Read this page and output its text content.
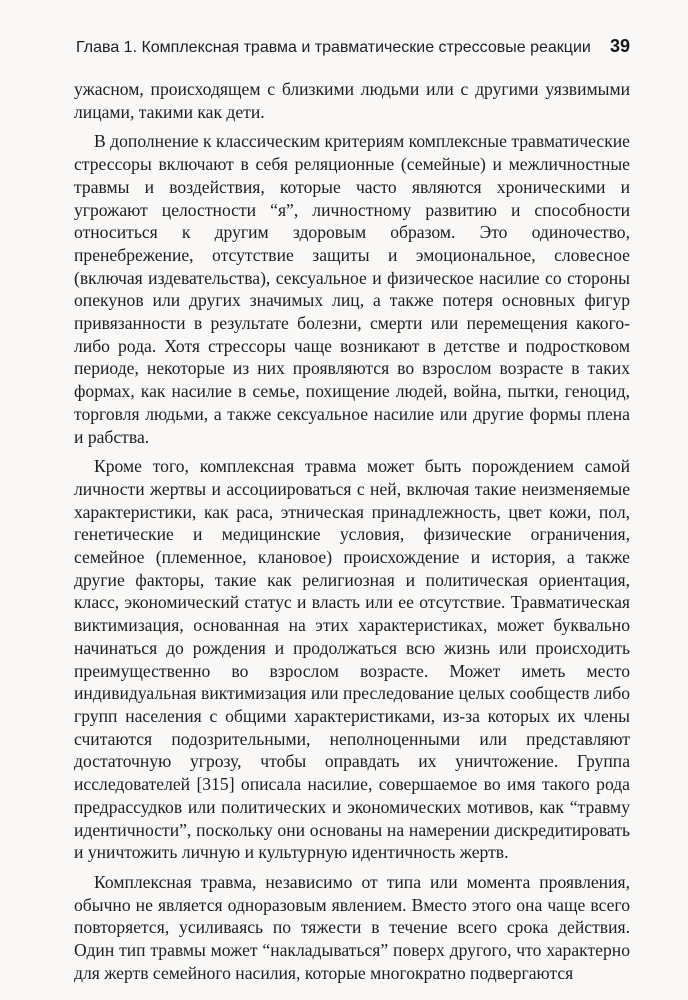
Глава 1. Комплексная травма и травматические стрессовые реакции 39

ужасном, происходящем с близкими людьми или с другими уязвимыми лицами, такими как дети.

В дополнение к классическим критериям комплексные травматические стрессоры включают в себя реляционные (семейные) и межличностные травмы и воздействия, которые часто являются хроническими и угрожают целостности “я”, личностному развитию и способности относиться к другим здоровым образом. Это одиночество, пренебрежение, отсутствие защиты и эмоциональное, словесное (включая издевательства), сексуальное и физическое насилие со стороны опекунов или других значимых лиц, а также потеря основных фигур привязанности в результате болезни, смерти или перемещения какого-либо рода. Хотя стрессоры чаще возникают в детстве и подростковом периоде, некоторые из них проявляются во взрослом возрасте в таких формах, как насилие в семье, похищение людей, война, пытки, геноцид, торговля людьми, а также сексуальное насилие или другие формы плена и рабства.

Кроме того, комплексная травма может быть порождением самой личности жертвы и ассоциироваться с ней, включая такие неизменяемые характеристики, как раса, этническая принадлежность, цвет кожи, пол, генетические и медицинские условия, физические ограничения, семейное (племенное, клановое) происхождение и история, а также другие факторы, такие как религиозная и политическая ориентация, класс, экономический статус и власть или ее отсутствие. Травматическая виктимизация, основанная на этих характеристиках, может буквально начинаться до рождения и продолжаться всю жизнь или происходить преимущественно во взрослом возрасте. Может иметь место индивидуальная виктимизация или преследование целых сообществ либо групп населения с общими характеристиками, из-за которых их члены считаются подозрительными, неполноценными или представляют достаточную угрозу, чтобы оправдать их уничтожение. Группа исследователей [315] описала насилие, совершаемое во имя такого рода предрассудков или политических и экономических мотивов, как “травму идентичности”, поскольку они основаны на намерении дискредитировать и уничтожить личную и культурную идентичность жертв.

Комплексная травма, независимо от типа или момента проявления, обычно не является одноразовым явлением. Вместо этого она чаще всего повторяется, усиливаясь по тяжести в течение всего срока действия. Один тип травмы может “накладываться” поверх другого, что характерно для жертв семейного насилия, которые многократно подвергаются
